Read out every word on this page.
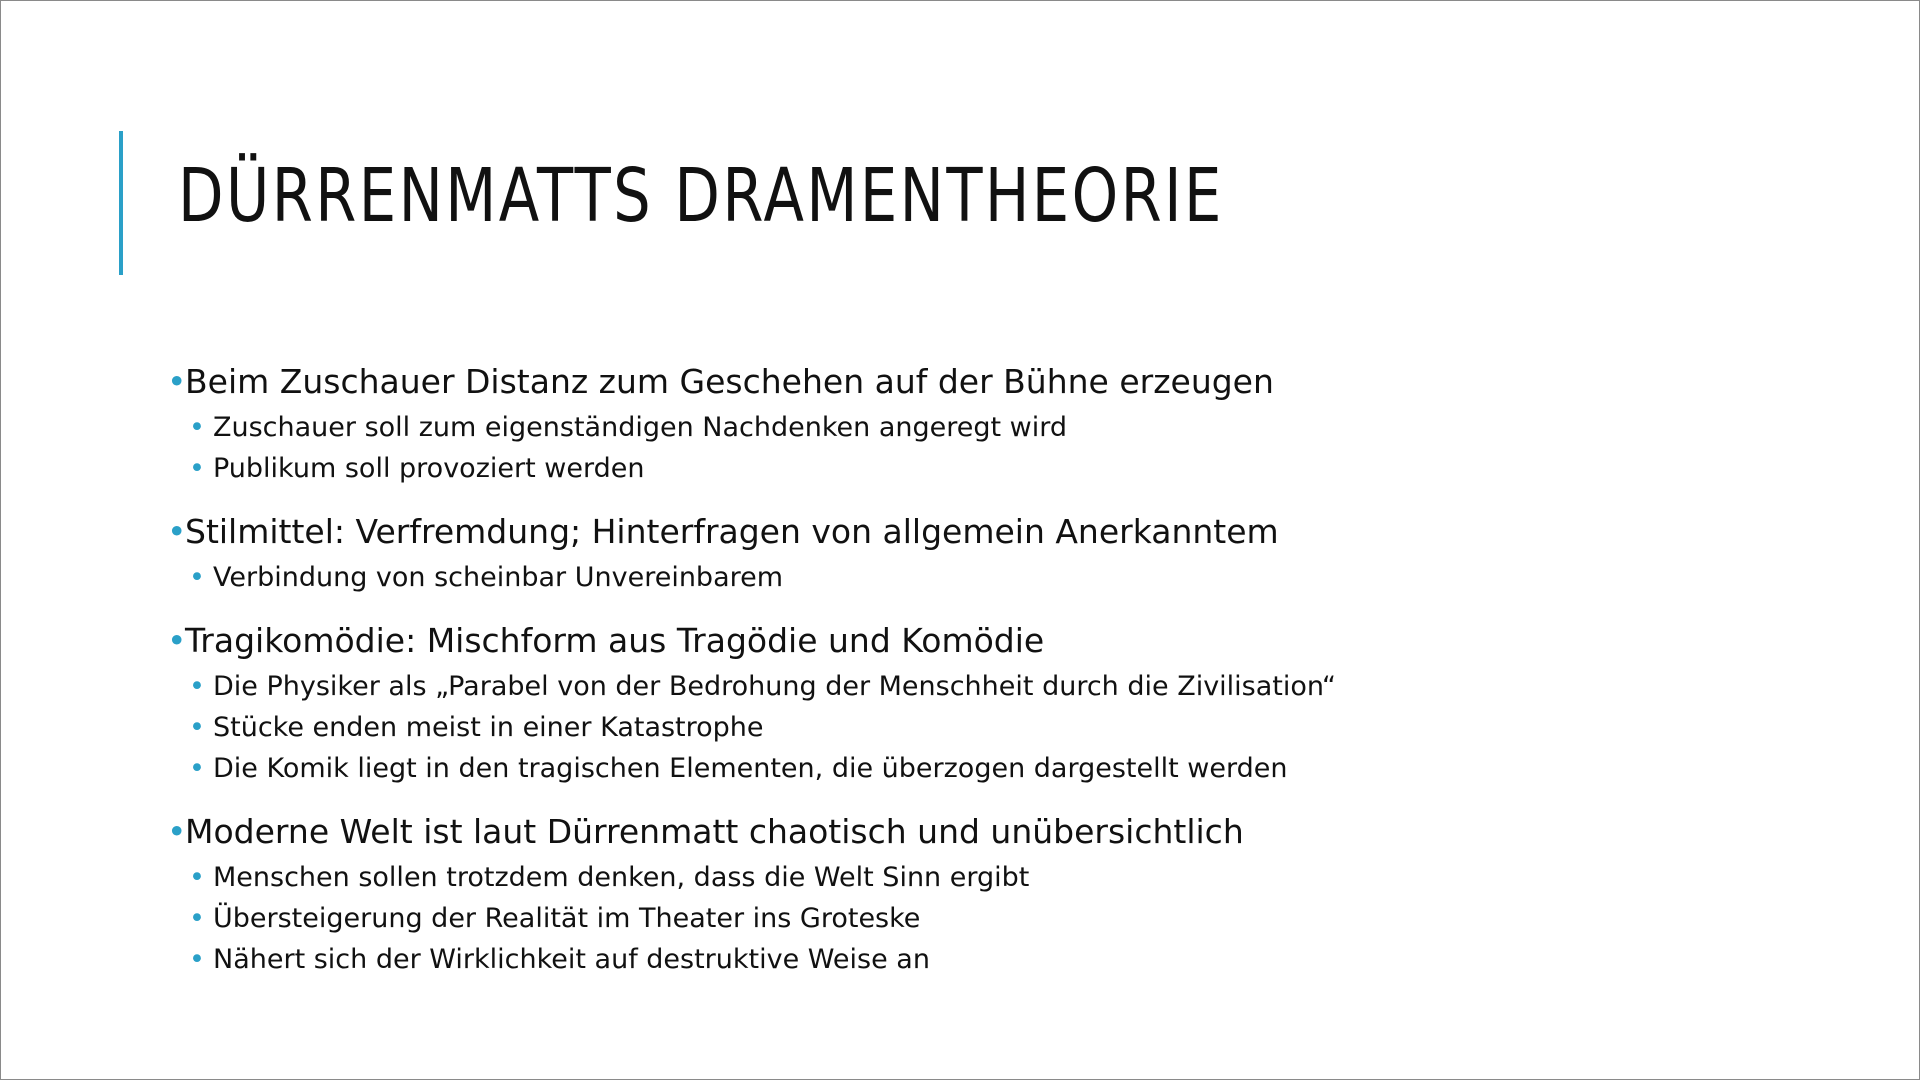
DÜRRENMATTS DRAMENTHEORIE
•
Beim Zuschauer Distanz zum Geschehen auf der Bühne erzeugen
• Zuschauer soll zum eigenständigen Nachdenken angeregt wird
• Publikum soll provoziert werden
•
Stilmittel: Verfremdung; Hinterfragen von allgemein Anerkanntem
• Verbindung von scheinbar Unvereinbarem
•
Tragikomödie: Mischform aus Tragödie und Komödie
• Die Physiker als „Parabel von der Bedrohung der Menschheit durch die Zivilisation“
• Stücke enden meist in einer Katastrophe
• Die Komik liegt in den tragischen Elementen, die überzogen dargestellt werden
•
Moderne Welt ist laut Dürrenmatt chaotisch und unübersichtlich
• Menschen sollen trotzdem denken, dass die Welt Sinn ergibt
• Übersteigerung der Realität im Theater ins Groteske
• Nähert sich der Wirklichkeit auf destruktive Weise an
